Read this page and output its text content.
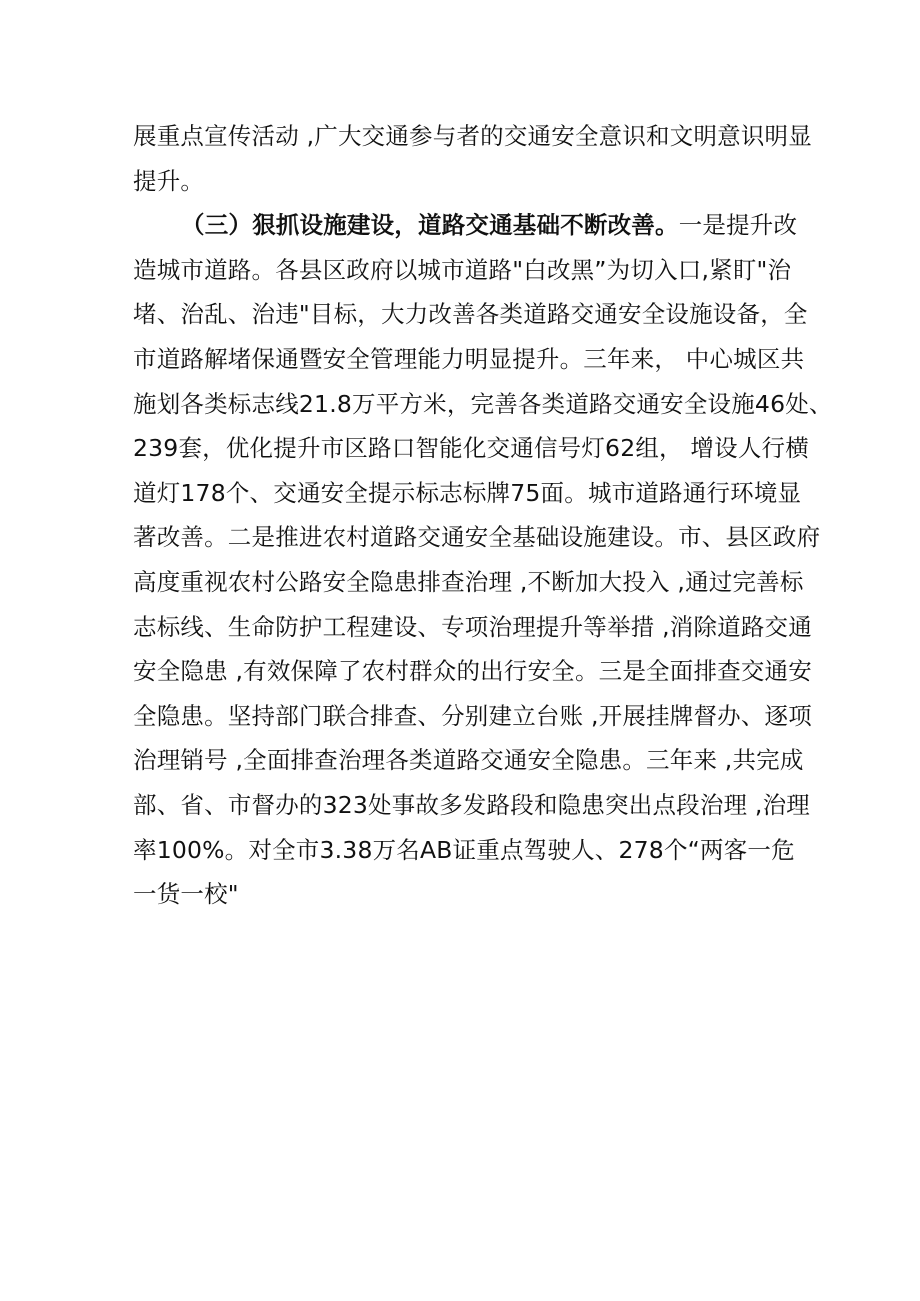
展重点宣传活动 ,广大交通参与者的交通安全意识和文明意识明显
提升。
（三）狠抓设施建设，道路交通基础不断改善。一是提升改
造城市道路。各县区政府以城市道路"白改黑”为切入口,紧盯"治
堵、治乱、治违"目标，大力改善各类道路交通安全设施设备，全
市道路解堵保通暨安全管理能力明显提升。三年来， 中心城区共
施划各类标志线21.8万平方米，完善各类道路交通安全设施46处、
239套，优化提升市区路口智能化交通信号灯62组， 增设人行横
道灯178个、交通安全提示标志标牌75面。城市道路通行环境显
著改善。二是推进农村道路交通安全基础设施建设。市、县区政府
高度重视农村公路安全隐患排查治理 ,不断加大投入 ,通过完善标
志标线、生命防护工程建设、专项治理提升等举措 ,消除道路交通
安全隐患 ,有效保障了农村群众的出行安全。三是全面排查交通安
全隐患。坚持部门联合排查、分别建立台账 ,开展挂牌督办、逐项
治理销号 ,全面排查治理各类道路交通安全隐患。三年来 ,共完成
部、省、市督办的323处事故多发路段和隐患突出点段治理 ,治理
率100%。对全市3.38万名AB证重点驾驶人、278个“两客一危
一货一校"
